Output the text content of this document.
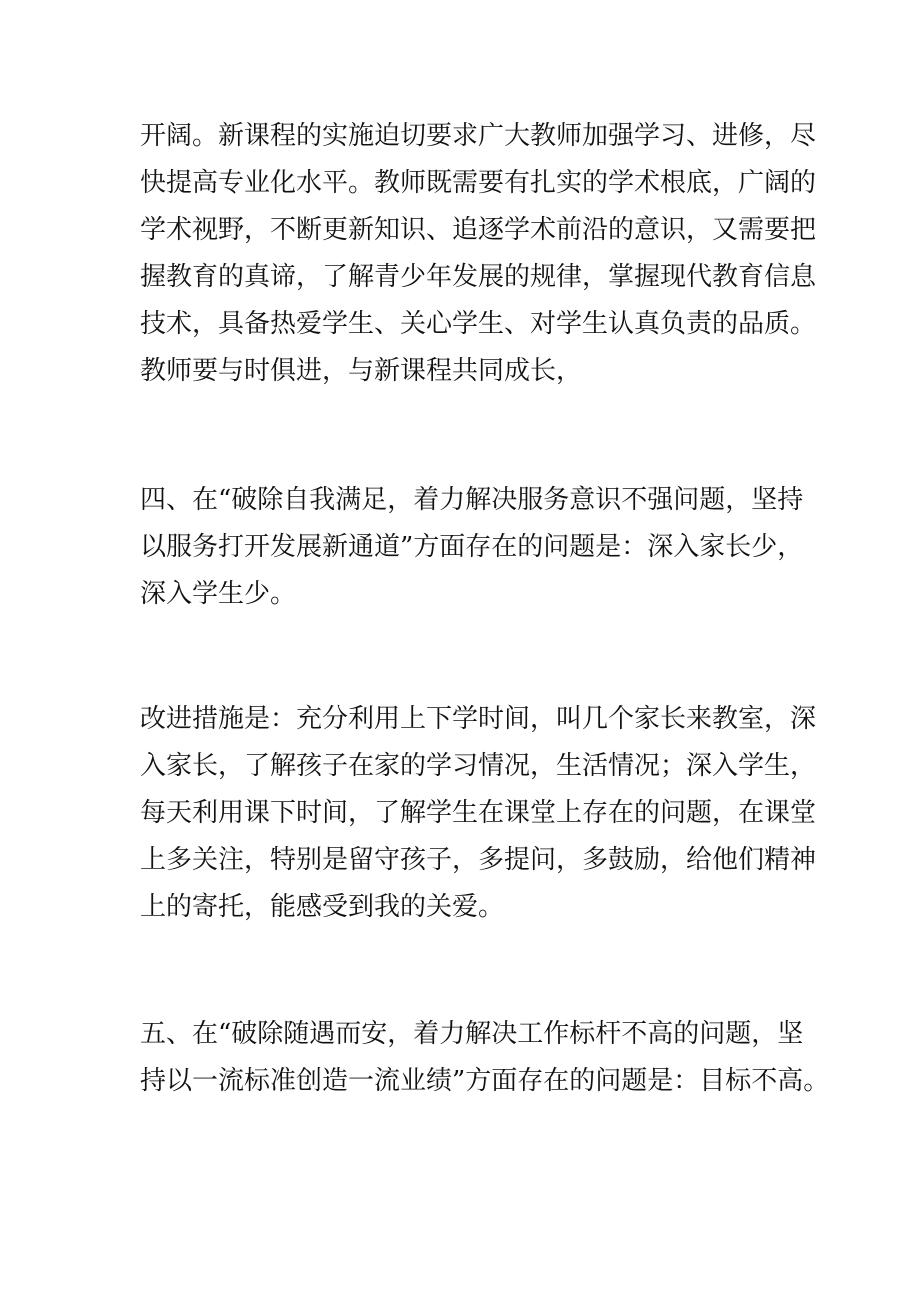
开阔。新课程的实施迫切要求广大教师加强学习、进修，尽
快提高专业化水平。教师既需要有扎实的学术根底，广阔的
学术视野，不断更新知识、追逐学术前沿的意识，又需要把
握教育的真谛，了解青少年发展的规律，掌握现代教育信息
技术，具备热爱学生、关心学生、对学生认真负责的品质。
教师要与时俱进，与新课程共同成长，
四、在“破除自我满足，着力解决服务意识不强问题，坚持
以服务打开发展新通道”方面存在的问题是：深入家长少，
深入学生少。
改进措施是：充分利用上下学时间，叫几个家长来教室，深
入家长，了解孩子在家的学习情况，生活情况；深入学生，
每天利用课下时间，了解学生在课堂上存在的问题，在课堂
上多关注，特别是留守孩子，多提问，多鼓励，给他们精神
上的寄托，能感受到我的关爱。
五、在“破除随遇而安，着力解决工作标杆不高的问题，坚
持以一流标准创造一流业绩”方面存在的问题是：目标不高。
